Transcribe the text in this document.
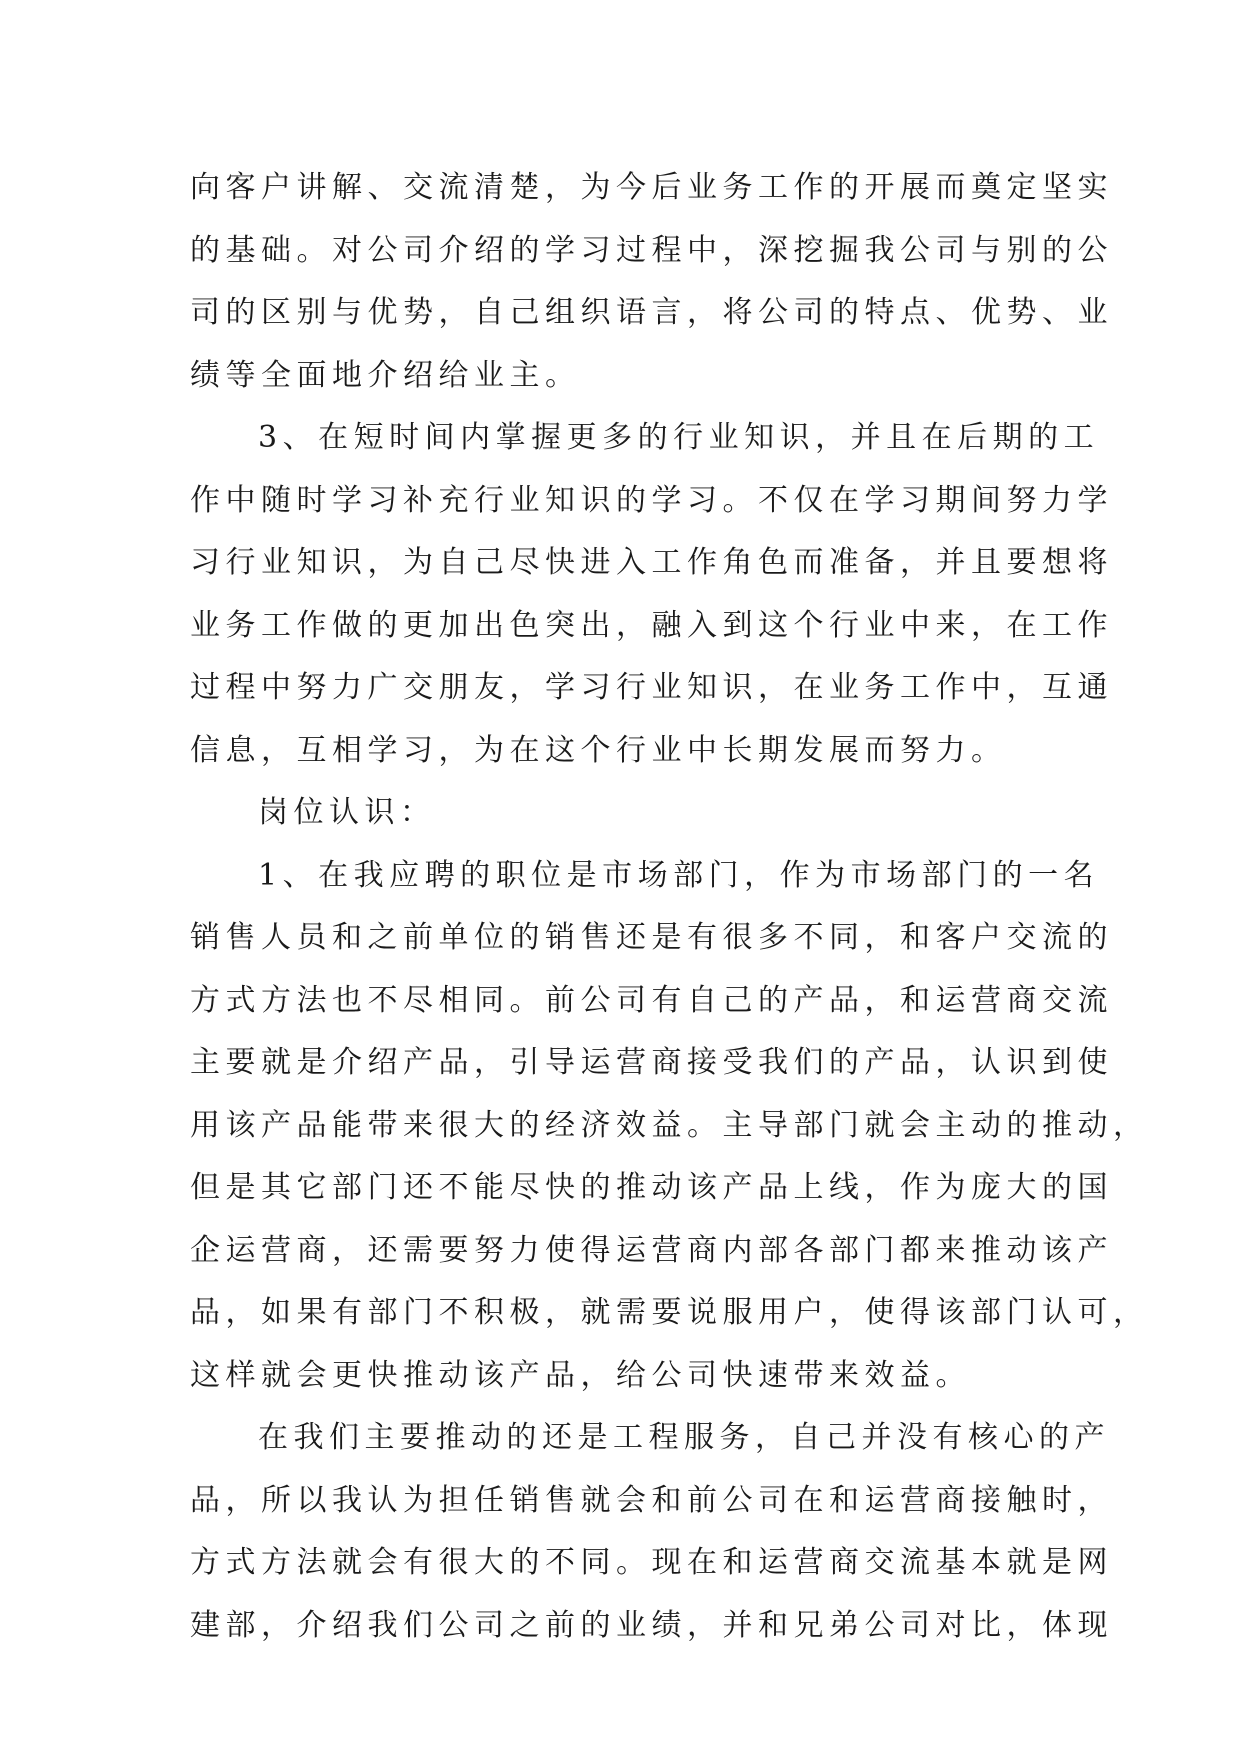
向客户讲解、交流清楚，为今后业务工作的开展而奠定坚实
的基础。对公司介绍的学习过程中，深挖掘我公司与别的公
司的区别与优势，自己组织语言，将公司的特点、优势、业
绩等全面地介绍给业主。
3、在短时间内掌握更多的行业知识，并且在后期的工
作中随时学习补充行业知识的学习。不仅在学习期间努力学
习行业知识，为自己尽快进入工作角色而准备，并且要想将
业务工作做的更加出色突出，融入到这个行业中来，在工作
过程中努力广交朋友，学习行业知识，在业务工作中，互通
信息，互相学习，为在这个行业中长期发展而努力。
岗位认识：
1、在我应聘的职位是市场部门，作为市场部门的一名
销售人员和之前单位的销售还是有很多不同，和客户交流的
方式方法也不尽相同。前公司有自己的产品，和运营商交流
主要就是介绍产品，引导运营商接受我们的产品，认识到使
用该产品能带来很大的经济效益。主导部门就会主动的推动，
但是其它部门还不能尽快的推动该产品上线，作为庞大的国
企运营商，还需要努力使得运营商内部各部门都来推动该产
品，如果有部门不积极，就需要说服用户，使得该部门认可，
这样就会更快推动该产品，给公司快速带来效益。
在我们主要推动的还是工程服务，自己并没有核心的产
品，所以我认为担任销售就会和前公司在和运营商接触时，
方式方法就会有很大的不同。现在和运营商交流基本就是网
建部，介绍我们公司之前的业绩，并和兄弟公司对比，体现
